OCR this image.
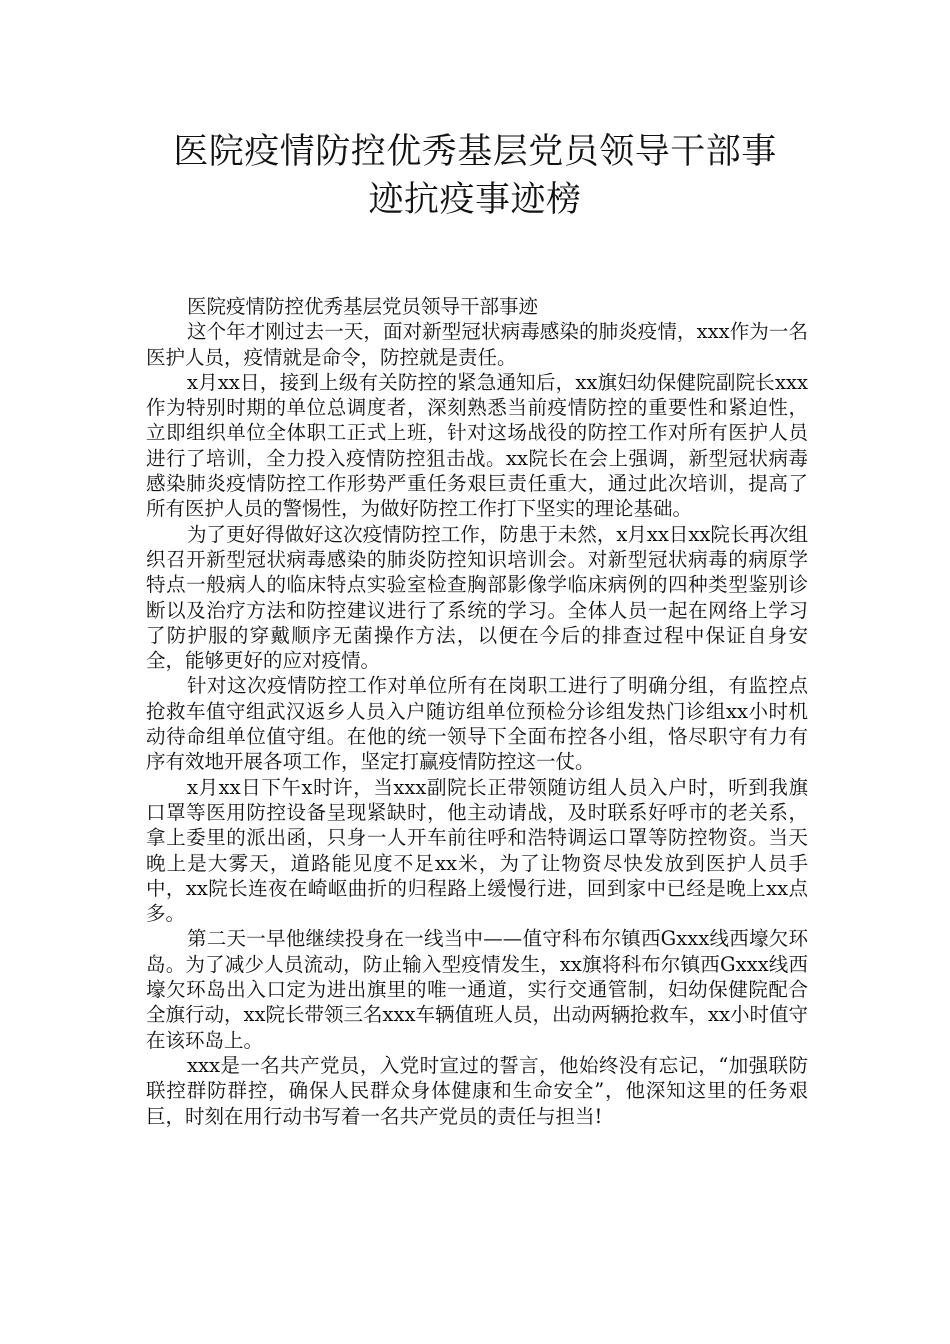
医院疫情防控优秀基层党员领导干部事
迹抗疫事迹榜

医院疫情防控优秀基层党员领导干部事迹

这个年才刚过去一天，面对新型冠状病毒感染的肺炎疫情，xxx作为一名医护人员，疫情就是命令，防控就是责任。

x月xx日，接到上级有关防控的紧急通知后，xx旗妇幼保健院副院长xxx作为特别时期的单位总调度者，深刻熟悉当前疫情防控的重要性和紧迫性，立即组织单位全体职工正式上班，针对这场战役的防控工作对所有医护人员进行了培训，全力投入疫情防控狙击战。xx院长在会上强调，新型冠状病毒感染肺炎疫情防控工作形势严重任务艰巨责任重大，通过此次培训，提高了所有医护人员的警惕性，为做好防控工作打下坚实的理论基础。

为了更好得做好这次疫情防控工作，防患于未然，x月xx日xx院长再次组织召开新型冠状病毒感染的肺炎防控知识培训会。对新型冠状病毒的病原学特点一般病人的临床特点实验室检查胸部影像学临床病例的四种类型鉴别诊断以及治疗方法和防控建议进行了系统的学习。全体人员一起在网络上学习了防护服的穿戴顺序无菌操作方法，以便在今后的排查过程中保证自身安全，能够更好的应对疫情。

针对这次疫情防控工作对单位所有在岗职工进行了明确分组，有监控点抢救车值守组武汉返乡人员入户随访组单位预检分诊组发热门诊组xx小时机动待命组单位值守组。在他的统一领导下全面布控各小组，恪尽职守有力有序有效地开展各项工作，坚定打赢疫情防控这一仗。

x月xx日下午x时许，当xxx副院长正带领随访组人员入户时，听到我旗口罩等医用防控设备呈现紧缺时，他主动请战，及时联系好呼市的老关系，拿上委里的派出函，只身一人开车前往呼和浩特调运口罩等防控物资。当天晚上是大雾天，道路能见度不足xx米，为了让物资尽快发放到医护人员手中，xx院长连夜在崎岖曲折的归程路上缓慢行进，回到家中已经是晚上xx点多。

第二天一早他继续投身在一线当中——值守科布尔镇西Gxxx线西壕欠环岛。为了减少人员流动，防止输入型疫情发生，xx旗将科布尔镇西Gxxx线西壕欠环岛出入口定为进出旗里的唯一通道，实行交通管制，妇幼保健院配合全旗行动，xx院长带领三名xxx车辆值班人员，出动两辆抢救车，xx小时值守在该环岛上。

xxx是一名共产党员，入党时宣过的誓言，他始终没有忘记，“加强联防联控群防群控，确保人民群众身体健康和生命安全”，他深知这里的任务艰巨，时刻在用行动书写着一名共产党员的责任与担当!
